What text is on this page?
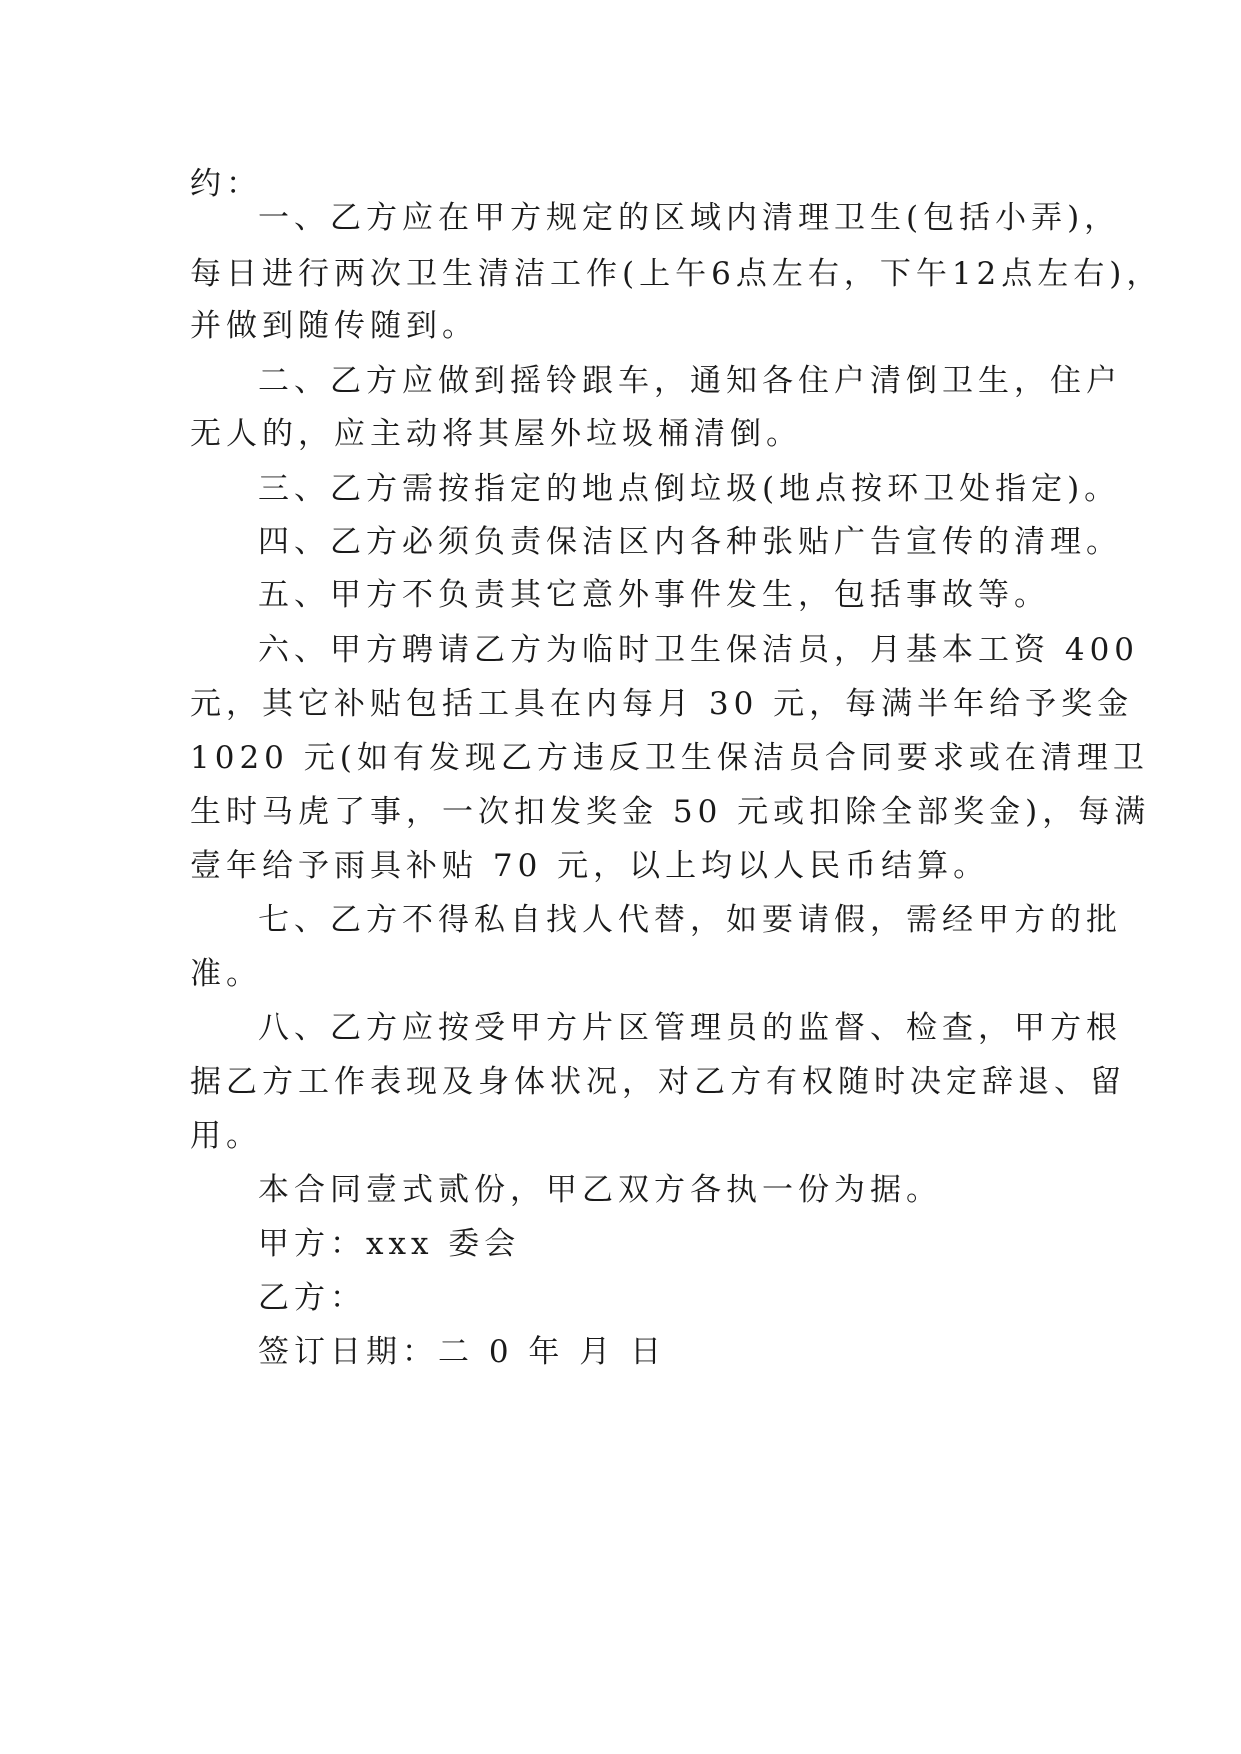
约：
一、乙方应在甲方规定的区域内清理卫生(包括小弄)，
每日进行两次卫生清洁工作(上午6点左右，下午12点左右)，
并做到随传随到。
二、乙方应做到摇铃跟车，通知各住户清倒卫生，住户
无人的，应主动将其屋外垃圾桶清倒。
三、乙方需按指定的地点倒垃圾(地点按环卫处指定)。
四、乙方必须负责保洁区内各种张贴广告宣传的清理。
五、甲方不负责其它意外事件发生，包括事故等。
六、甲方聘请乙方为临时卫生保洁员，月基本工资 400
元，其它补贴包括工具在内每月 30 元，每满半年给予奖金
1020 元(如有发现乙方违反卫生保洁员合同要求或在清理卫
生时马虎了事，一次扣发奖金 50 元或扣除全部奖金)，每满
壹年给予雨具补贴 70 元，以上均以人民币结算。
七、乙方不得私自找人代替，如要请假，需经甲方的批
准。
八、乙方应按受甲方片区管理员的监督、检查，甲方根
据乙方工作表现及身体状况，对乙方有权随时决定辞退、留
用。
本合同壹式贰份，甲乙双方各执一份为据。
甲方：xxx 委会
乙方：
签订日期：二 0 年 月 日
